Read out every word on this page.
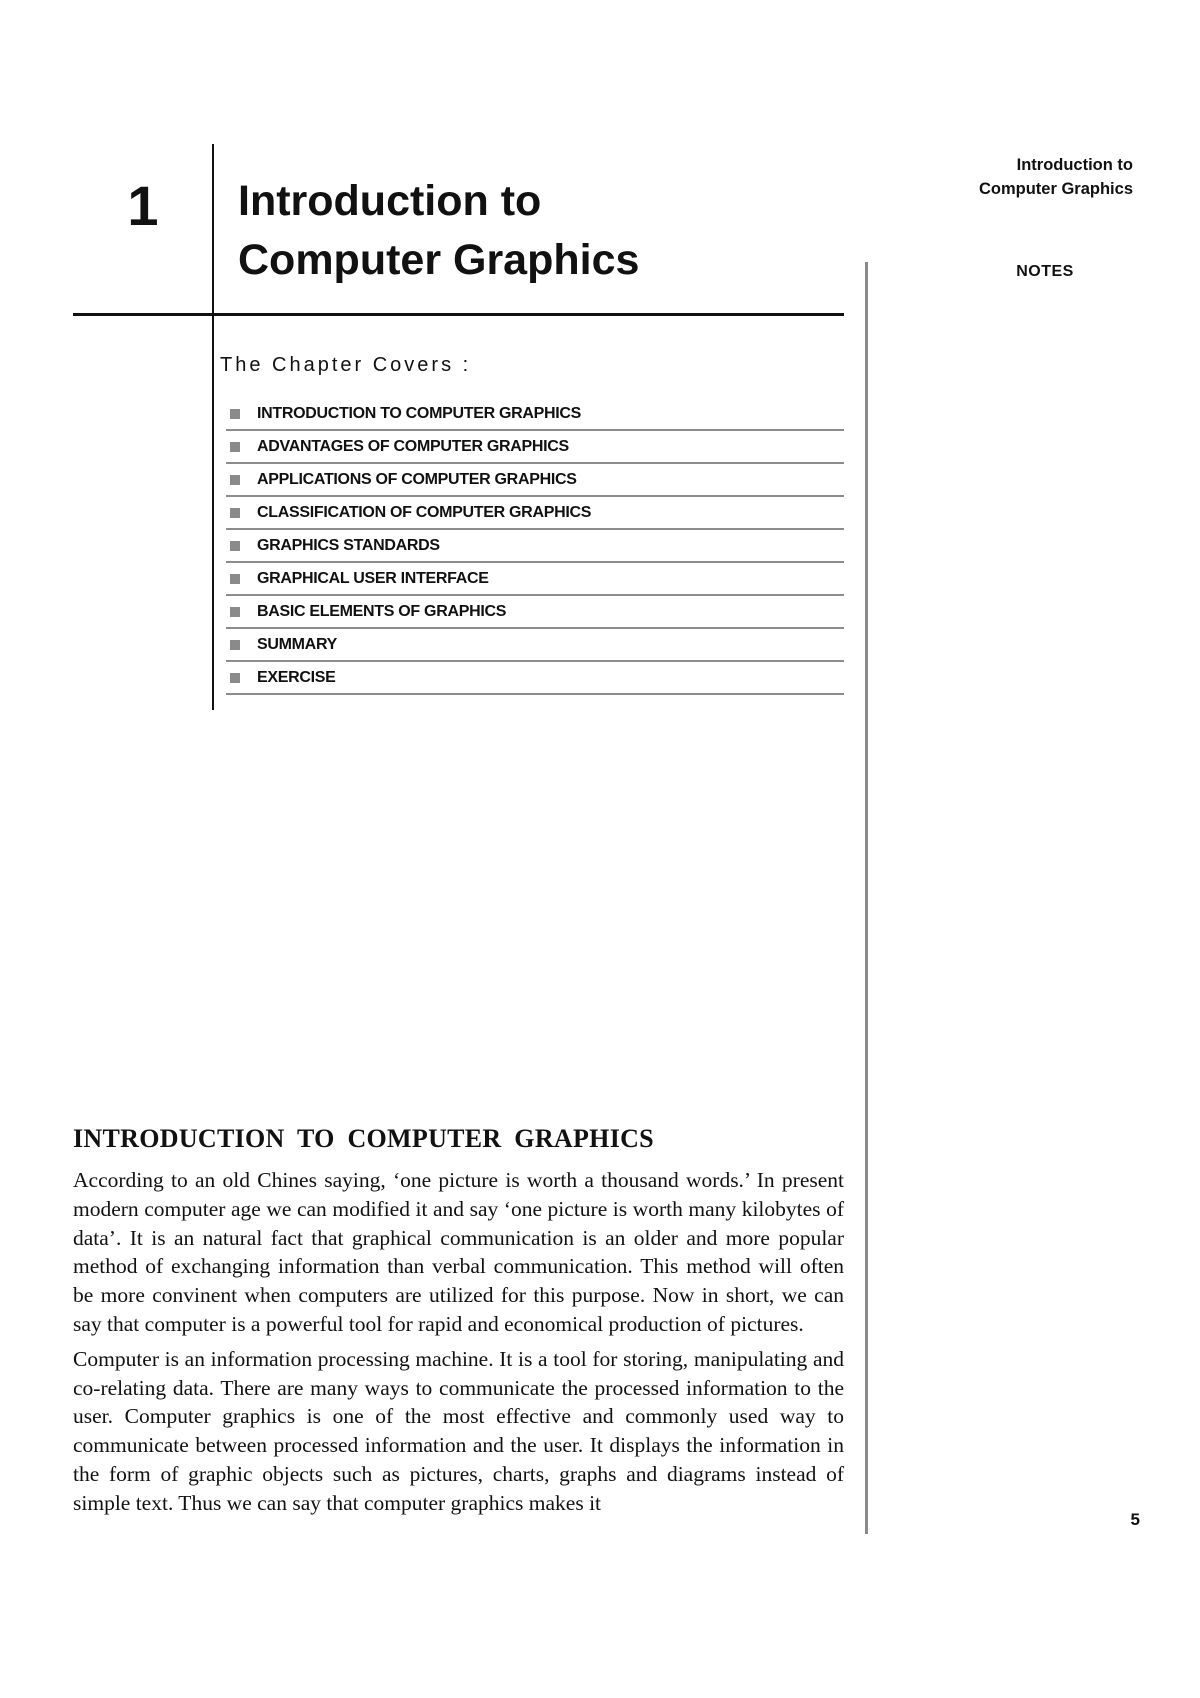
1 Introduction to
Computer Graphics
The Chapter Covers :
INTRODUCTION TO COMPUTER GRAPHICS
ADVANTAGES OF COMPUTER GRAPHICS
APPLICATIONS OF COMPUTER GRAPHICS
CLASSIFICATION OF COMPUTER GRAPHICS
GRAPHICS STANDARDS
GRAPHICAL USER INTERFACE
BASIC ELEMENTS OF GRAPHICS
SUMMARY
EXERCISE
Introduction to
Computer Graphics
NOTES
5
INTRODUCTION TO COMPUTER GRAPHICS

According to an old Chines saying, ‘one picture is worth a thousand words.’ In present modern computer age we can modified it and say ‘one picture is worth many kilobytes of data’. It is an natural fact that graphical communication is an older and more popular method of exchanging information than verbal communication. This method will often be more convinent when computers are utilized for this purpose. Now in short, we can say that computer is a powerful tool for rapid and economical production of pictures.

Computer is an information processing machine. It is a tool for storing, manipulating and co-relating data. There are many ways to communicate the processed information to the user. Computer graphics is one of the most effective and commonly used way to communicate between processed information and the user. It displays the information in the form of graphic objects such as pictures, charts, graphs and diagrams instead of simple text. Thus we can say that computer graphics makes it
